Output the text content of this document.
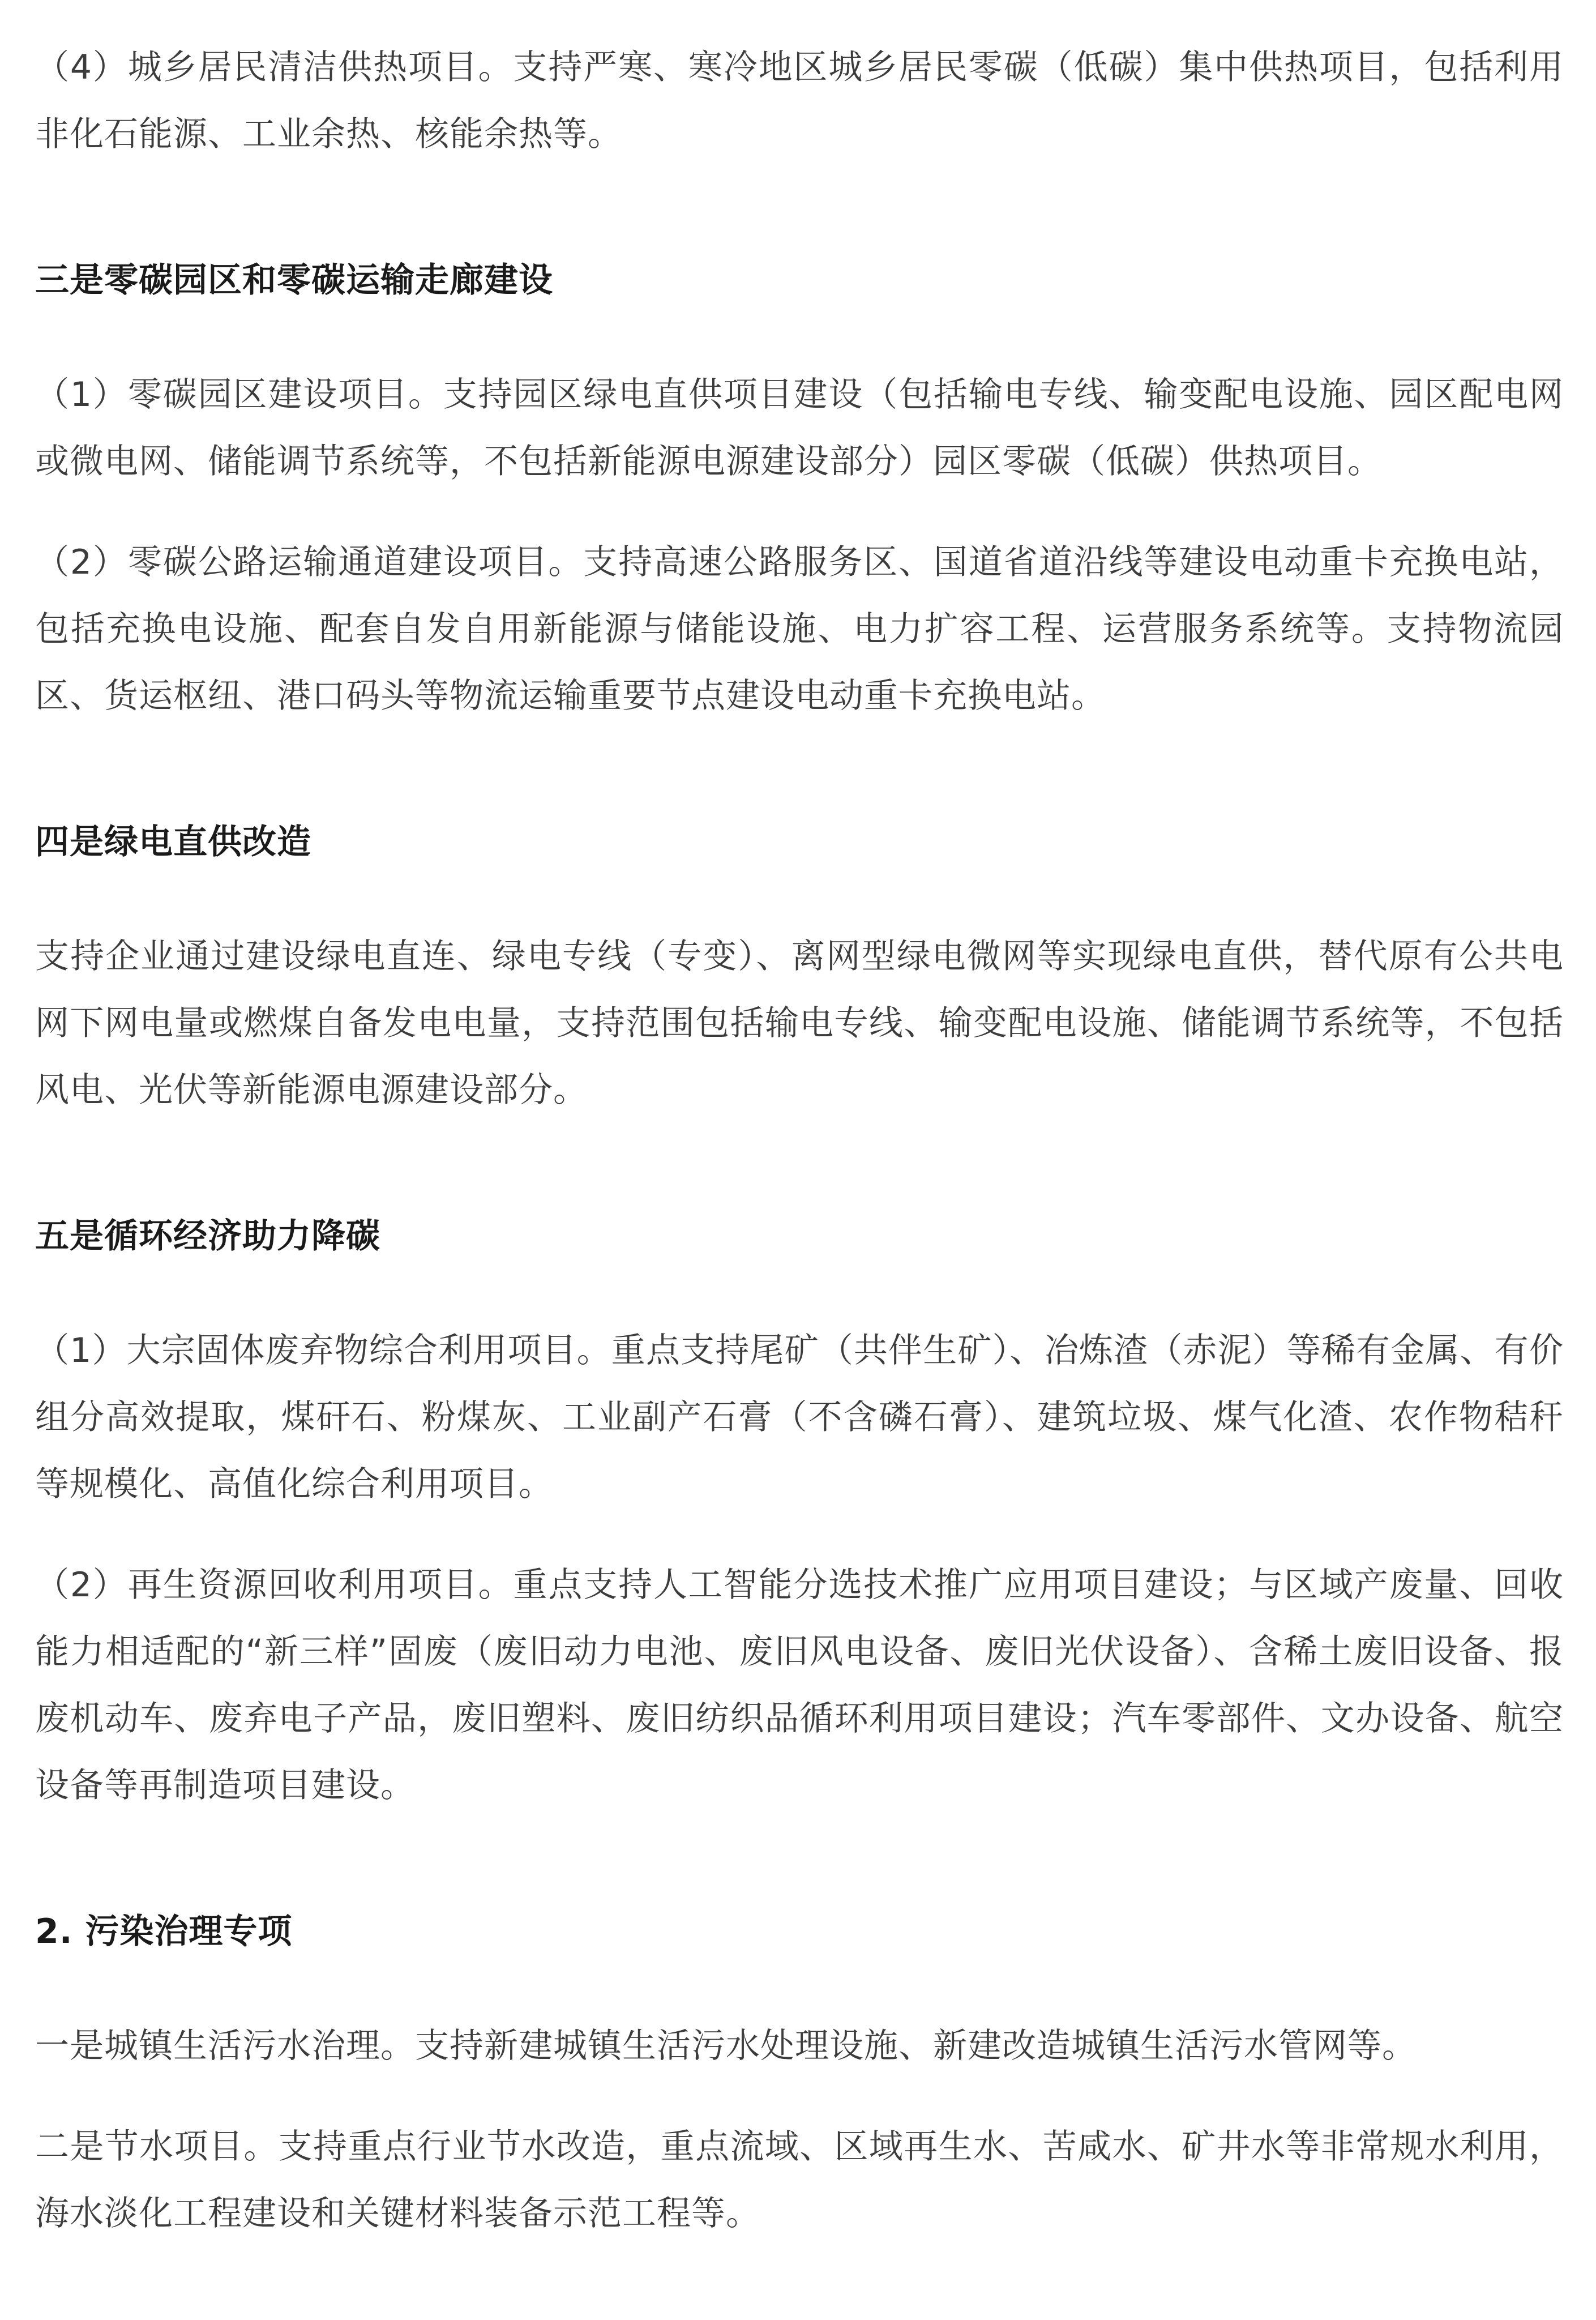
（4）城乡居民清洁供热项目。支持严寒、寒冷地区城乡居民零碳（低碳）集中供热项目，包括利用非化石能源、工业余热、核能余热等。

三是零碳园区和零碳运输走廊建设

（1）零碳园区建设项目。支持园区绿电直供项目建设（包括输电专线、输变配电设施、园区配电网或微电网、储能调节系统等，不包括新能源电源建设部分）园区零碳（低碳）供热项目。

（2）零碳公路运输通道建设项目。支持高速公路服务区、国道省道沿线等建设电动重卡充换电站，包括充换电设施、配套自发自用新能源与储能设施、电力扩容工程、运营服务系统等。支持物流园区、货运枢纽、港口码头等物流运输重要节点建设电动重卡充换电站。

四是绿电直供改造

支持企业通过建设绿电直连、绿电专线（专变）、离网型绿电微网等实现绿电直供，替代原有公共电网下网电量或燃煤自备发电电量，支持范围包括输电专线、输变配电设施、储能调节系统等，不包括风电、光伏等新能源电源建设部分。

五是循环经济助力降碳

（1）大宗固体废弃物综合利用项目。重点支持尾矿（共伴生矿）、冶炼渣（赤泥）等稀有金属、有价组分高效提取，煤矸石、粉煤灰、工业副产石膏（不含磷石膏）、建筑垃圾、煤气化渣、农作物秸秆等规模化、高值化综合利用项目。

（2）再生资源回收利用项目。重点支持人工智能分选技术推广应用项目建设；与区域产废量、回收能力相适配的“新三样”固废（废旧动力电池、废旧风电设备、废旧光伏设备）、含稀土废旧设备、报废机动车、废弃电子产品，废旧塑料、废旧纺织品循环利用项目建设；汽车零部件、文办设备、航空设备等再制造项目建设。

2. 污染治理专项

一是城镇生活污水治理。支持新建城镇生活污水处理设施、新建改造城镇生活污水管网等。

二是节水项目。支持重点行业节水改造，重点流域、区域再生水、苦咸水、矿井水等非常规水利用，海水淡化工程建设和关键材料装备示范工程等。
